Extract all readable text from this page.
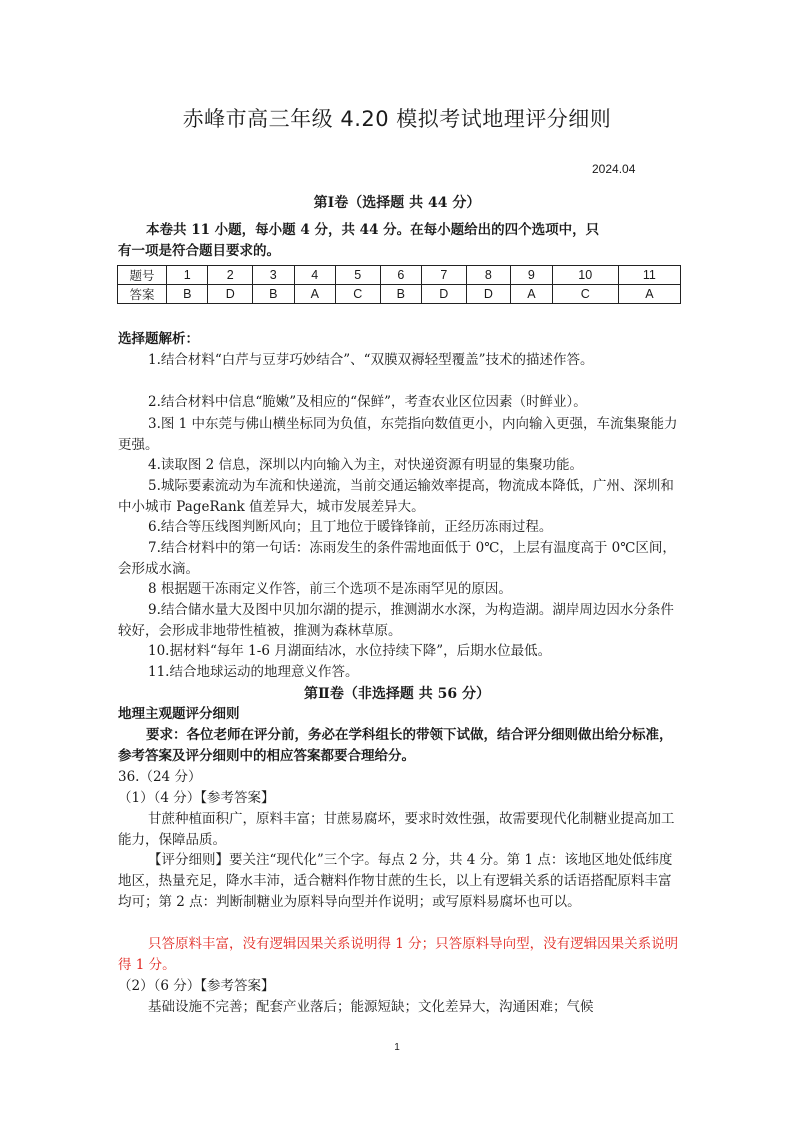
赤峰市高三年级 4.20 模拟考试地理评分细则
2024.04
第Ⅰ卷（选择题 共 44 分）
本卷共 11 小题，每小题 4 分，共 44 分。在每小题给出的四个选项中，只

有一项是符合题目要求的。
题号	1	2	3	4	5	6	7	8	9	10	11
答案	B	D	B	A	C	B	D	D	A	C	A
选择题解析：
1.结合材料“白芹与豆芽巧妙结合”、“双膜双褥轻型覆盖”技术的描述作答。
2.结合材料中信息“脆嫩”及相应的“保鲜”，考查农业区位因素（时鲜业）。
3.图 1 中东莞与佛山横坐标同为负值，东莞指向数值更小，内向输入更强，车流集聚能力更强。
4.读取图 2 信息，深圳以内向输入为主，对快递资源有明显的集聚功能。
5.城际要素流动为车流和快递流，当前交通运输效率提高，物流成本降低，广州、深圳和中小城市 PageRank 值差异大，城市发展差异大。
6.结合等压线图判断风向；且丁地位于暖锋锋前，正经历冻雨过程。
7.结合材料中的第一句话：冻雨发生的条件需地面低于 0℃，上层有温度高于 0℃区间，会形成水滴。
8 根据题干冻雨定义作答，前三个选项不是冻雨罕见的原因。
9.结合储水量大及图中贝加尔湖的提示，推测湖水水深，为构造湖。湖岸周边因水分条件较好，会形成非地带性植被，推测为森林草原。
10.据材料“每年 1-6 月湖面结冰，水位持续下降”，后期水位最低。
11.结合地球运动的地理意义作答。
第Ⅱ卷（非选择题 共 56 分）
地理主观题评分细则
要求：各位老师在评分前，务必在学科组长的带领下试做，结合评分细则做出给分标准，参考答案及评分细则中的相应答案都要合理给分。
36.（24 分）
（1）（4 分）【参考答案】
甘蔗种植面积广，原料丰富；甘蔗易腐坏，要求时效性强，故需要现代化制糖业提高加工能力，保障品质。
【评分细则】要关注“现代化”三个字。每点 2 分，共 4 分。第 1 点：该地区地处低纬度地区，热量充足，降水丰沛，适合糖料作物甘蔗的生长，以上有逻辑关系的话语搭配原料丰富均可；第 2 点：判断制糖业为原料导向型并作说明；或写原料易腐坏也可以。
只答原料丰富，没有逻辑因果关系说明得 1 分；只答原料导向型，没有逻辑因果关系说明得 1 分。
（2）（6 分）【参考答案】
基础设施不完善；配套产业落后；能源短缺；文化差异大，沟通困难；气候
1
